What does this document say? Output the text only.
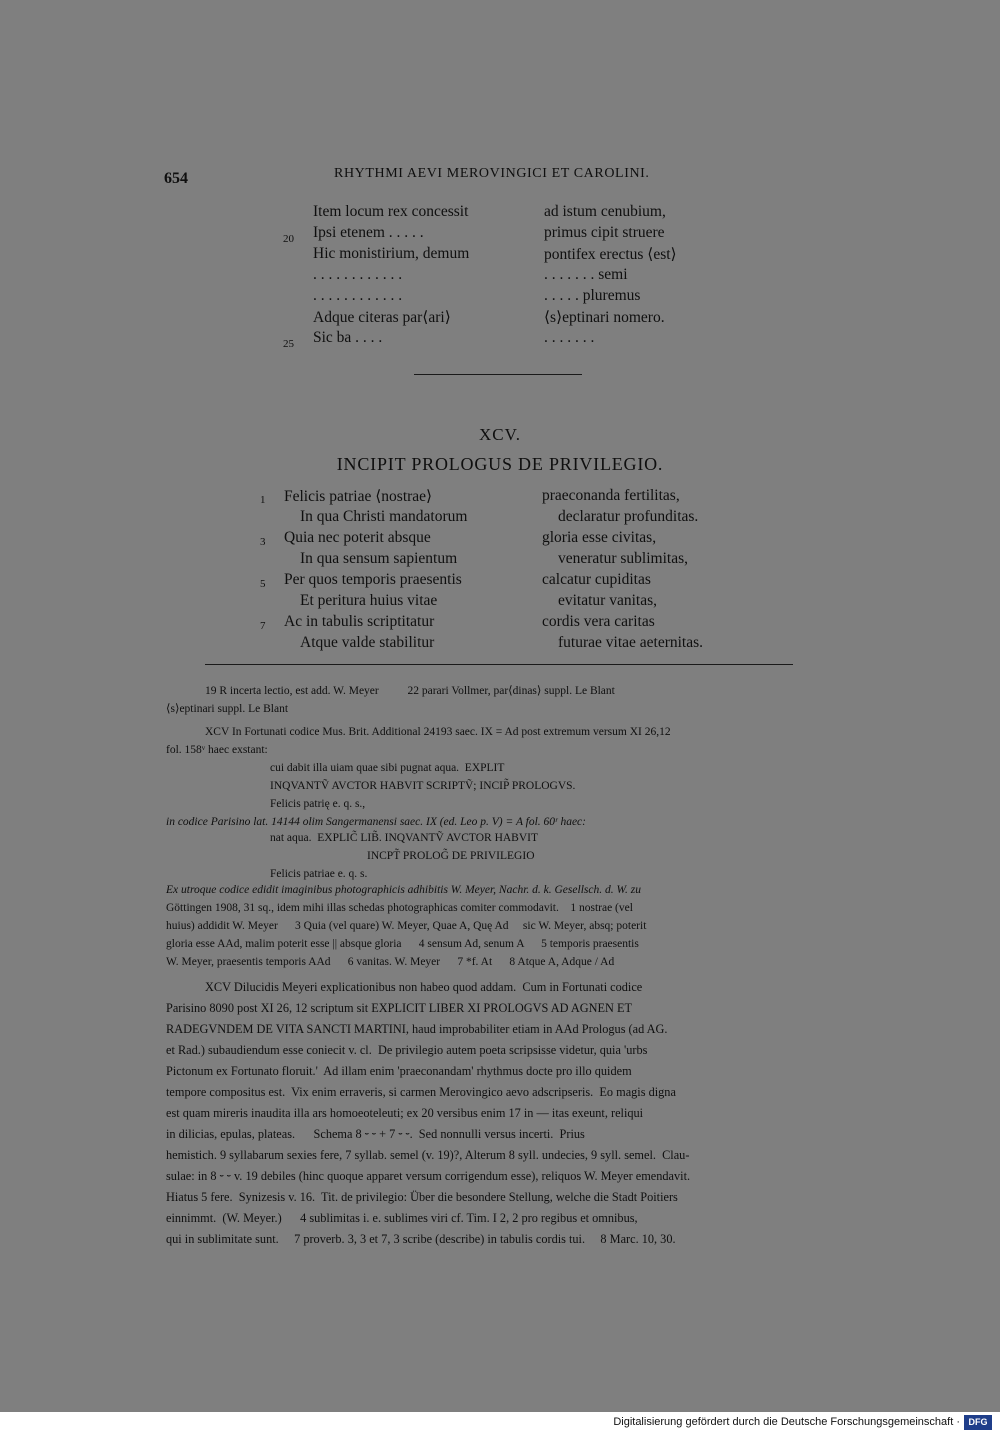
654	RHYTHMI AEVI MEROVINGICI ET CAROLINI.
20
25
Item locum rex concessit	ad istum cenubium,
Ipsi etenem . . . . .	primus cipit struere
Hic monistirium, demum	pontifex erectus ⟨est⟩
. . . . . . . . . . . .	. . . . . . . semi
. . . . . . . . . . . .	. . . . . pluremus
Adque citeras par⟨ari⟩	⟨s⟩eptinari nomero.
Sic ba . . . .	. . . . . . .
XCV.
INCIPIT PROLOGUS DE PRIVILEGIO.
1
3
5
7
Felicis patriae ⟨nostrae⟩	praeconanda fertilitas,
In qua Christi mandatorum	declaratur profunditas.
Quia nec poterit absque	gloria esse civitas,
In qua sensum sapientum	veneratur sublimitas,
Per quos temporis praesentis	calcatur cupiditas
Et peritura huius vitae	evitatur vanitas,
Ac in tabulis scriptitatur	cordis vera caritas
Atque valde stabilitur	futurae vitae aeternitas.
19 R incerta lectio, est add. W. Meyer          22 parari Vollmer, par⟨dinas⟩ suppl. Le Blant
⟨s⟩eptinari suppl. Le Blant
XCV In Fortunati codice Mus. Brit. Additional 24193 saec. IX = Ad post extremum versum XI 26,12
fol. 158ᵛ haec exstant:
cui dabit illa uiam quae sibi pugnat aqua.  EXPLIT
INQVANTṼ AVCTOR HABVIT SCRIPTṼ; INCIP̃ PROLOGVS.
Felicis patrię e. q. s.,
in codice Parisino lat. 14144 olim Sangermanensi saec. IX (ed. Leo p. V) = A fol. 60ʳ haec:
nat aqua.  EXPLIC̃ LIB̃. INQVANTṼ AVCTOR HABVIT
INCPT̃ PROLOG̃ DE PRIVILEGIO
Felicis patriae e. q. s.
Ex utroque codice edidit imaginibus photographicis adhibitis W. Meyer, Nachr. d. k. Gesellsch. d. W. zu
Göttingen 1908, 31 sq., idem mihi illas schedas photographicas comiter commodavit.    1 nostrae (vel
huius) addidit W. Meyer      3 Quia (vel quare) W. Meyer, Quae A, Quę Ad     sic W. Meyer, absq; poterit
gloria esse AAd, malim poterit esse || absque gloria      4 sensum Ad, senum A      5 temporis praesentis
W. Meyer, praesentis temporis AAd      6 vanitas. W. Meyer      7 *f. At      8 Atque A, Adque / Ad
XCV Dilucidis Meyeri explicationibus non habeo quod addam.  Cum in Fortunati codice
Parisino 8090 post XI 26, 12 scriptum sit EXPLICIT LIBER XI PROLOGVS AD AGNEN ET
RADEGVNDEM DE VITA SANCTI MARTINI, haud improbabiliter etiam in AAd Prologus (ad AG.
et Rad.) subaudiendum esse coniecit v. cl.  De privilegio autem poeta scripsisse videtur, quia 'urbs
Pictonum ex Fortunato floruit.'  Ad illam enim 'praeconandam' rhythmus docte pro illo quidem
tempore compositus est.  Vix enim erraveris, si carmen Merovingico aevo adscripseris.  Eo magis digna
est quam mireris inaudita illa ars homoeoteleuti; ex 20 versibus enim 17 in — itas exeunt, reliqui
in dilicias, epulas, plateas.      Schema 8 ⏑ ⏑ + 7 ⏑ ⏑.  Sed nonnulli versus incerti.  Prius
hemistich. 9 syllabarum sexies fere, 7 syllab. semel (v. 19)?, Alterum 8 syll. undecies, 9 syll. semel.  Clau-
sulae: in 8 ⏑ ⏑ v. 19 debiles (hinc quoque apparet versum corrigendum esse), reliquos W. Meyer emendavit.
Hiatus 5 fere.  Synizesis v. 16.  Tit. de privilegio: Über die besondere Stellung, welche die Stadt Poitiers
einnimmt.  (W. Meyer.)      4 sublimitas i. e. sublimes viri cf. Tim. I 2, 2 pro regibus et omnibus,
qui in sublimitate sunt.     7 proverb. 3, 3 et 7, 3 scribe (describe) in tabulis cordis tui.     8 Marc. 10, 30.
Digitalisierung gefördert durch die Deutsche Forschungsgemeinschaft · DFG
